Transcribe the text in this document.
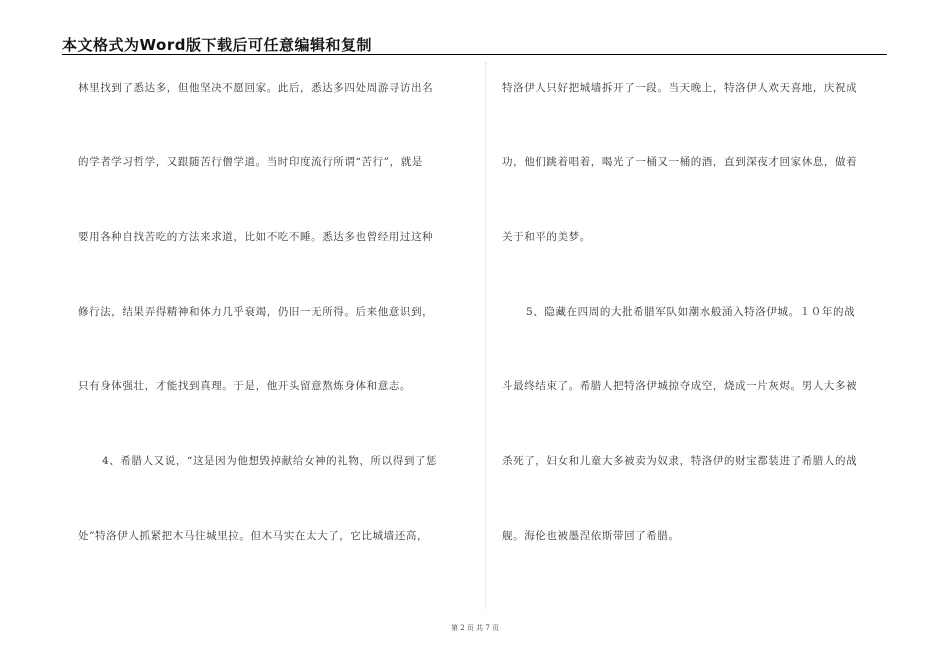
本文格式为Word版下载后可任意编辑和复制
林里找到了悉达多，但他坚决不愿回家。此后，悉达多四处周游寻访出名
的学者学习哲学，又跟随苦行僧学道。当时印度流行所谓“苦行”，就是
要用各种自找苦吃的方法来求道，比如不吃不睡。悉达多也曾经用过这种
修行法，结果弄得精神和体力几乎衰竭，仍旧一无所得。后来他意识到，
只有身体强壮，才能找到真理。于是，他开头留意熬炼身体和意志。
4、希腊人又说，“这是因为他想毁掉献给女神的礼物，所以得到了惩
处”特洛伊人抓紧把木马往城里拉。但木马实在太大了，它比城墙还高，
特洛伊人只好把城墙拆开了一段。当天晚上，特洛伊人欢天喜地，庆祝成
功，他们跳着唱着，喝光了一桶又一桶的酒，直到深夜才回家休息，做着
关于和平的美梦。
5、隐藏在四周的大批希腊军队如潮水般涌入特洛伊城。１０年的战
斗最终结束了。希腊人把特洛伊城掠夺成空，烧成一片灰烬。男人大多被
杀死了，妇女和儿童大多被卖为奴隶，特洛伊的财宝都装进了希腊人的战
舰。海伦也被墨涅依斯带回了希腊。
第 2 页 共 7 页
